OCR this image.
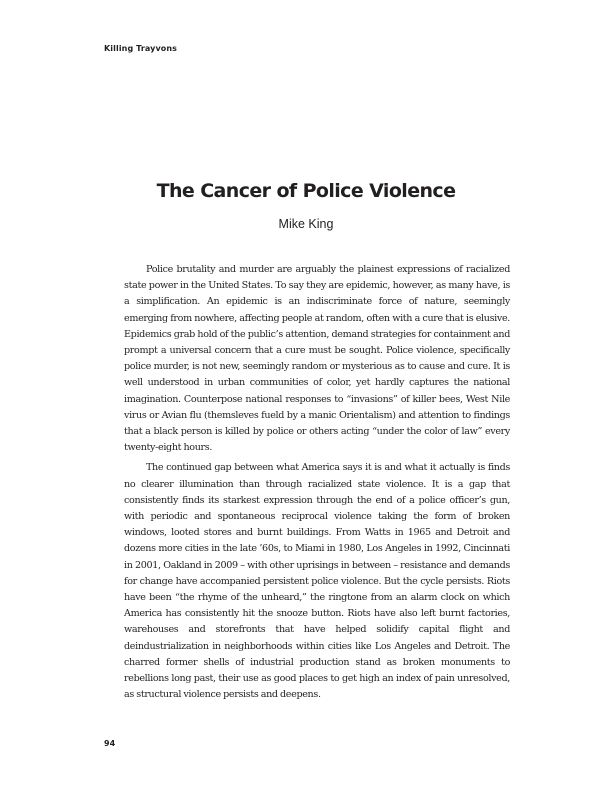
Killing Trayvons
The Cancer of Police Violence
Mike King

Police brutality and murder are arguably the plainest expressions of racialized state power in the United States. To say they are epidemic, however, as many have, is a simplification. An epidemic is an indiscriminate force of nature, seemingly emerging from nowhere, affecting people at random, often with a cure that is elusive. Epidemics grab hold of the public’s attention, demand strategies for containment and prompt a universal concern that a cure must be sought. Police violence, specifically police murder, is not new, seemingly random or mysterious as to cause and cure. It is well understood in urban communities of color, yet hardly captures the national imagination. Counterpose national responses to “invasions” of killer bees, West Nile virus or Avian flu (themsleves fueld by a manic Orientalism) and attention to findings that a black person is killed by police or others acting “under the color of law” every twenty-eight hours.

The continued gap between what America says it is and what it actually is finds no clearer illumination than through racialized state violence. It is a gap that consistently finds its starkest expression through the end of a police officer’s gun, with periodic and spontaneous reciprocal violence taking the form of broken windows, looted stores and burnt buildings. From Watts in 1965 and Detroit and dozens more cities in the late ’60s, to Miami in 1980, Los Angeles in 1992, Cincinnati in 2001, Oakland in 2009 – with other uprisings in between – resistance and demands for change have accompanied persistent police violence. But the cycle persists. Riots have been “the rhyme of the unheard,” the ringtone from an alarm clock on which America has consistently hit the snooze button. Riots have also left burnt factories, warehouses and storefronts that have helped solidify capital flight and deindustrialization in neighborhoods within cities like Los Angeles and Detroit. The charred former shells of industrial production stand as broken monuments to rebellions long past, their use as good places to get high an index of pain unresolved, as structural violence persists and deepens.

94
